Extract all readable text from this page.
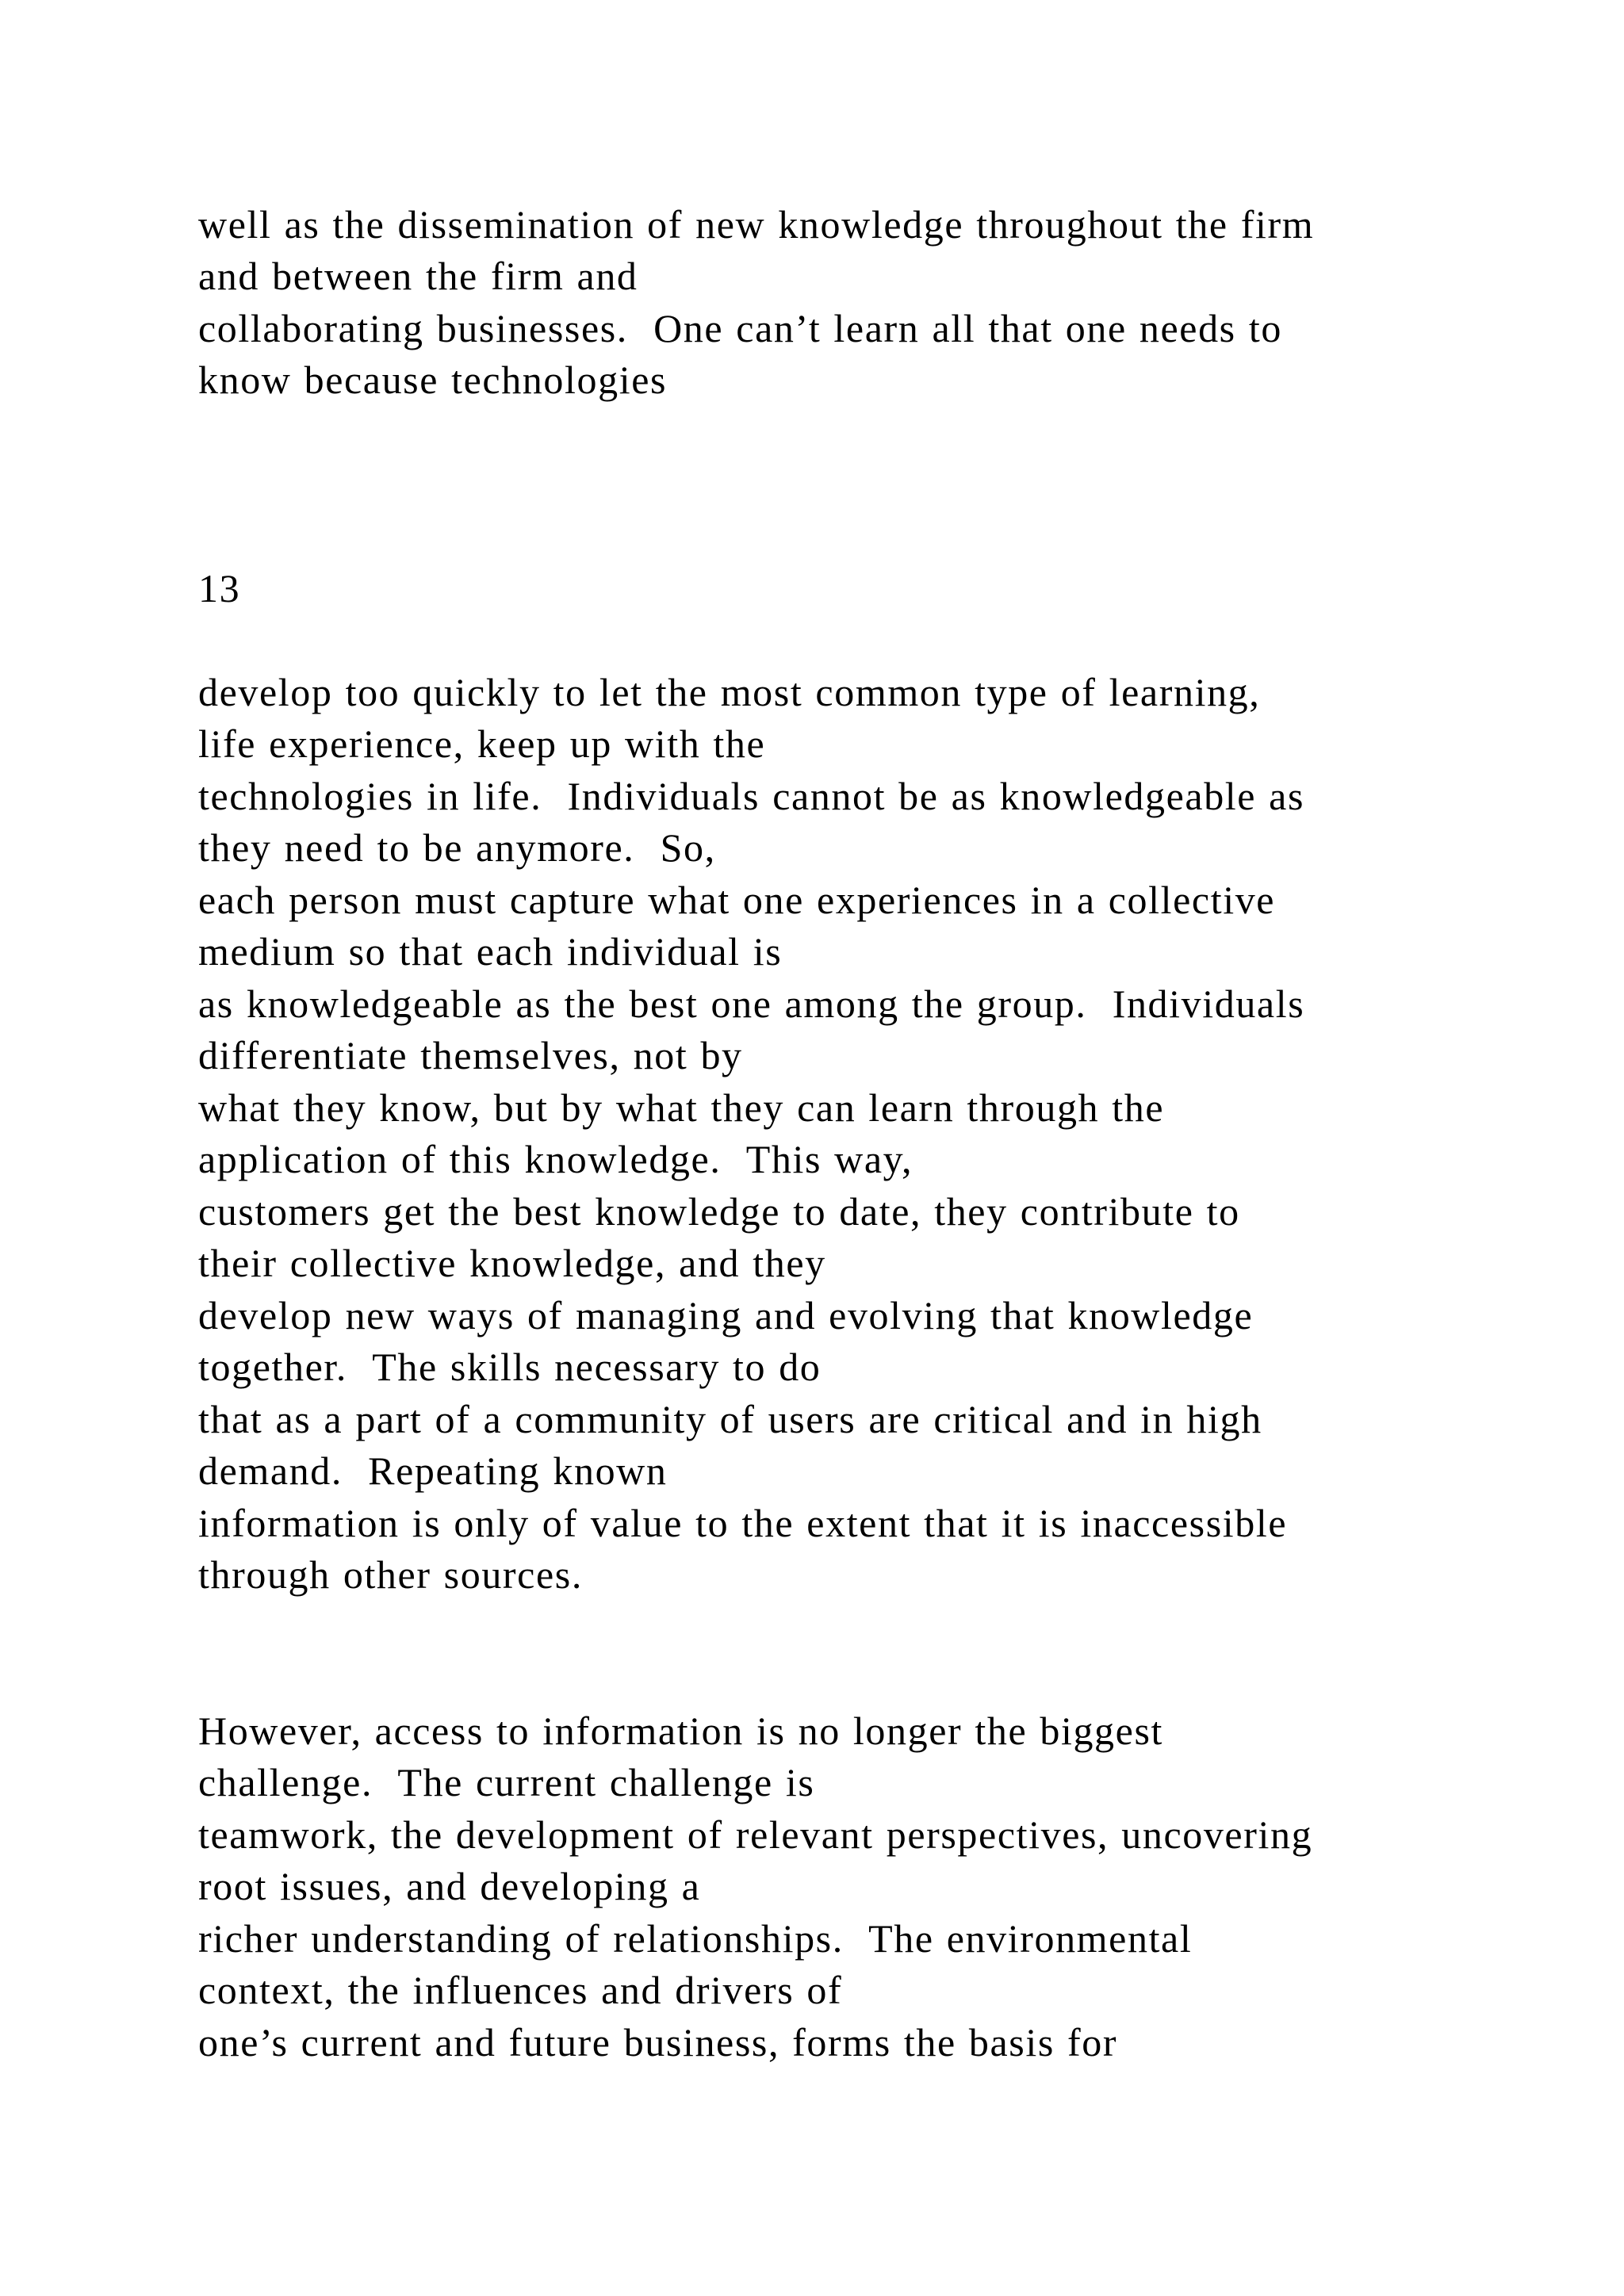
well as the dissemination of new knowledge throughout the firm
and between the firm and
collaborating businesses.  One can’t learn all that one needs to
know because technologies
13
develop too quickly to let the most common type of learning,
life experience, keep up with the
technologies in life.  Individuals cannot be as knowledgeable as
they need to be anymore.  So,
each person must capture what one experiences in a collective
medium so that each individual is
as knowledgeable as the best one among the group.  Individuals
differentiate themselves, not by
what they know, but by what they can learn through the
application of this knowledge.  This way,
customers get the best knowledge to date, they contribute to
their collective knowledge, and they
develop new ways of managing and evolving that knowledge
together.  The skills necessary to do
that as a part of a community of users are critical and in high
demand.  Repeating known
information is only of value to the extent that it is inaccessible
through other sources.
However, access to information is no longer the biggest
challenge.  The current challenge is
teamwork, the development of relevant perspectives, uncovering
root issues, and developing a
richer understanding of relationships.  The environmental
context, the influences and drivers of
one’s current and future business, forms the basis for
